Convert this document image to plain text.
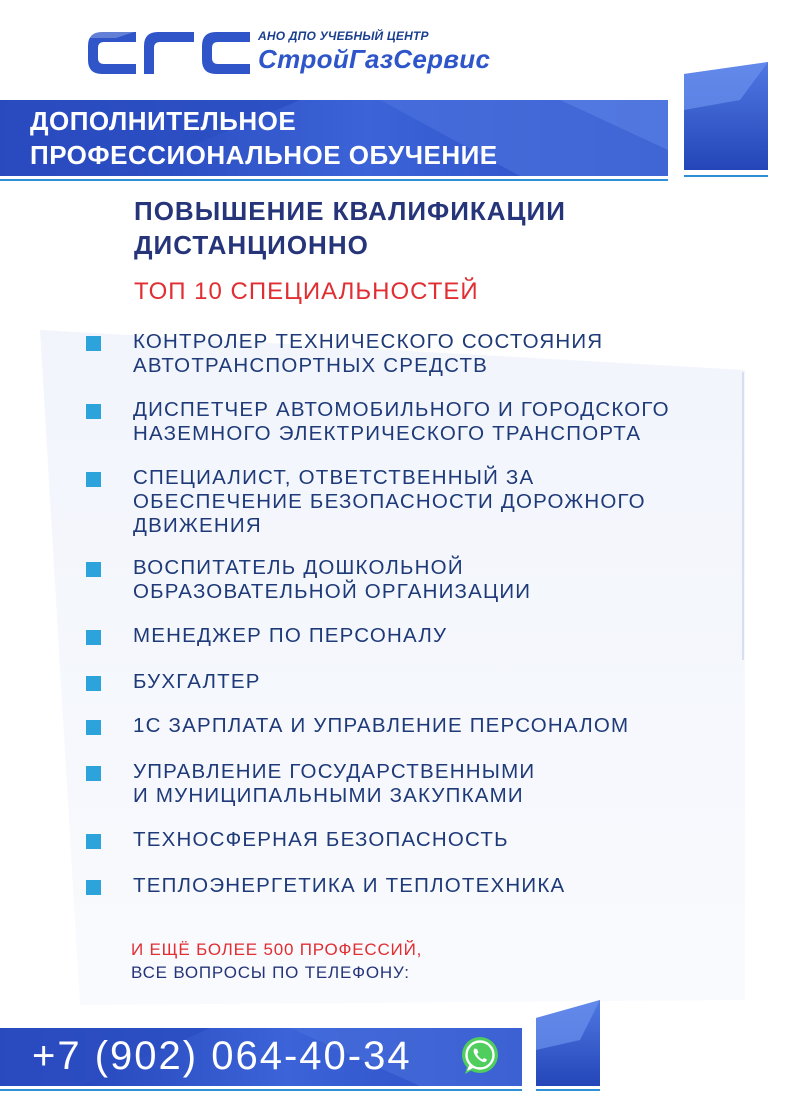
АНО ДПО УЧЕБНЫЙ ЦЕНТР
СтройГазСервис
ДОПОЛНИТЕЛЬНОЕ
ПРОФЕССИОНАЛЬНОЕ ОБУЧЕНИЕ
ПОВЫШЕНИЕ КВАЛИФИКАЦИИ
ДИСТАНЦИОННО
ТОП 10 СПЕЦИАЛЬНОСТЕЙ
КОНТРОЛЕР ТЕХНИЧЕСКОГО СОСТОЯНИЯ
АВТОТРАНСПОРТНЫХ СРЕДСТВ
ДИСПЕТЧЕР АВТОМОБИЛЬНОГО И ГОРОДСКОГО
НАЗЕМНОГО ЭЛЕКТРИЧЕСКОГО ТРАНСПОРТА
СПЕЦИАЛИСТ, ОТВЕТСТВЕННЫЙ ЗА
ОБЕСПЕЧЕНИЕ БЕЗОПАСНОСТИ ДОРОЖНОГО
ДВИЖЕНИЯ
ВОСПИТАТЕЛЬ ДОШКОЛЬНОЙ
ОБРАЗОВАТЕЛЬНОЙ ОРГАНИЗАЦИИ
МЕНЕДЖЕР ПО ПЕРСОНАЛУ
БУХГАЛТЕР
1С ЗАРПЛАТА И УПРАВЛЕНИЕ ПЕРСОНАЛОМ
УПРАВЛЕНИЕ ГОСУДАРСТВЕННЫМИ
И МУНИЦИПАЛЬНЫМИ ЗАКУПКАМИ
ТЕХНОСФЕРНАЯ БЕЗОПАСНОСТЬ
ТЕПЛОЭНЕРГЕТИКА И ТЕПЛОТЕХНИКА
И ЕЩЁ БОЛЕЕ 500 ПРОФЕССИЙ,
ВСЕ ВОПРОСЫ ПО ТЕЛЕФОНУ:
+7 (902) 064-40-34
